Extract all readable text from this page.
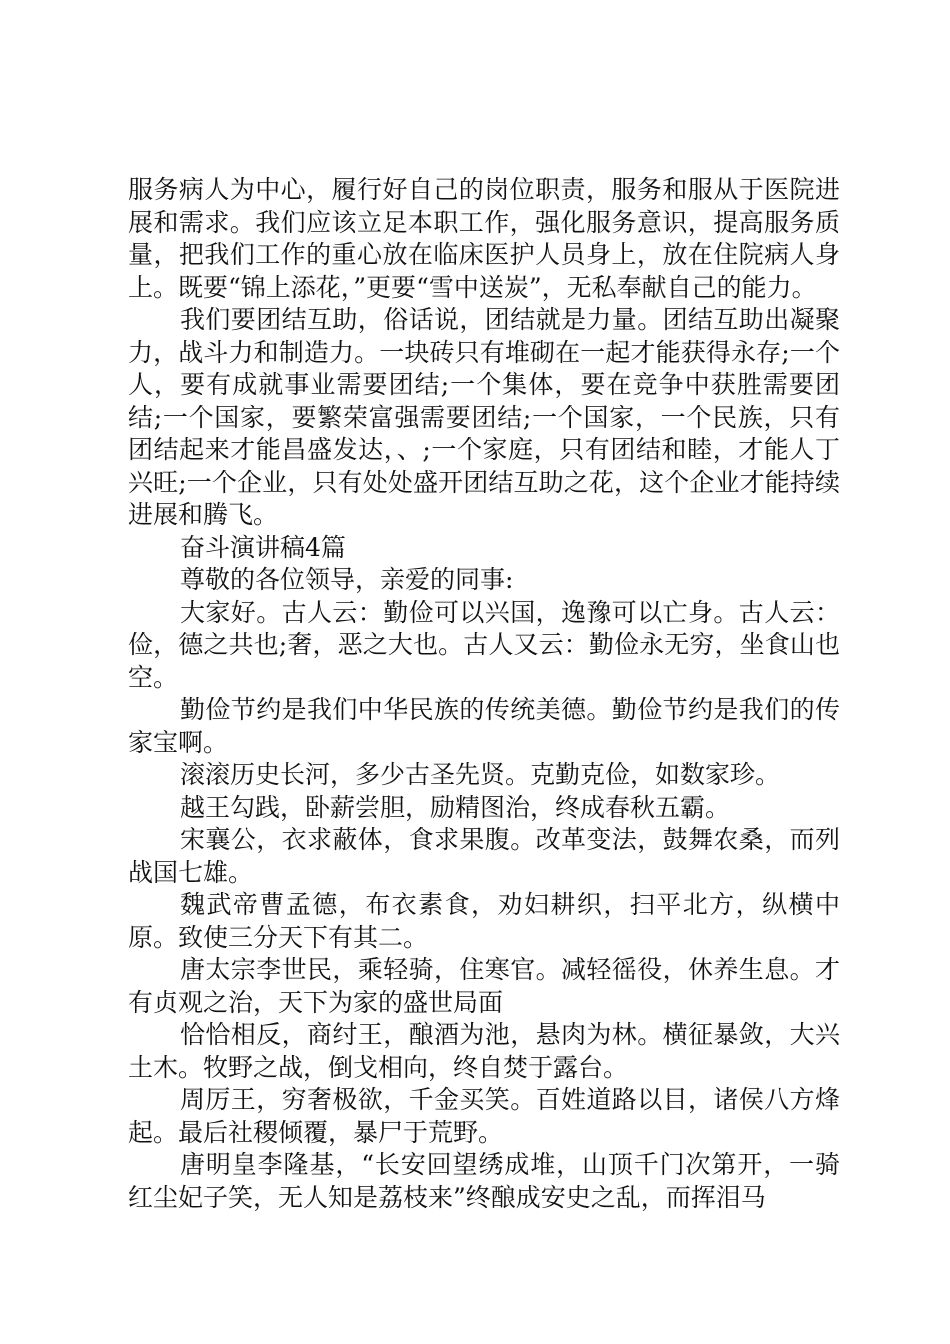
服务病人为中心，履行好自己的岗位职责，服务和服从于医院进展和需求。我们应该立足本职工作，强化服务意识，提高服务质量，把我们工作的重心放在临床医护人员身上，放在住院病人身上。既要“锦上添花，”更要“雪中送炭”，无私奉献自己的能力。

我们要团结互助，俗话说，团结就是力量。团结互助出凝聚力，战斗力和制造力。一块砖只有堆砌在一起才能获得永存;一个人，要有成就事业需要团结;一个集体，要在竞争中获胜需要团结;一个国家，要繁荣富强需要团结;一个国家，一个民族，只有团结起来才能昌盛发达，、;一个家庭，只有团结和睦，才能人丁兴旺;一个企业，只有处处盛开团结互助之花，这个企业才能持续进展和腾飞。

奋斗演讲稿4篇

尊敬的各位领导，亲爱的同事:

大家好。古人云：勤俭可以兴国，逸豫可以亡身。古人云：俭，德之共也;奢，恶之大也。古人又云：勤俭永无穷，坐食山也空。

勤俭节约是我们中华民族的传统美德。勤俭节约是我们的传家宝啊。

滚滚历史长河，多少古圣先贤。克勤克俭，如数家珍。

越王勾践，卧薪尝胆，励精图治，终成春秋五霸。

宋襄公，衣求蔽体，食求果腹。改革变法，鼓舞农桑，而列战国七雄。

魏武帝曹孟德，布衣素食，劝妇耕织，扫平北方，纵横中原。致使三分天下有其二。

唐太宗李世民，乘轻骑，住寒官。减轻徭役，休养生息。才有贞观之治，天下为家的盛世局面

恰恰相反，商纣王，酿酒为池，悬肉为林。横征暴敛，大兴土木。牧野之战，倒戈相向，终自焚于露台。

周厉王，穷奢极欲，千金买笑。百姓道路以目，诸侯八方烽起。最后社稷倾覆，暴尸于荒野。

唐明皇李隆基，“长安回望绣成堆，山顶千门次第开，一骑红尘妃子笑，无人知是荔枝来”终酿成安史之乱，而挥泪马
